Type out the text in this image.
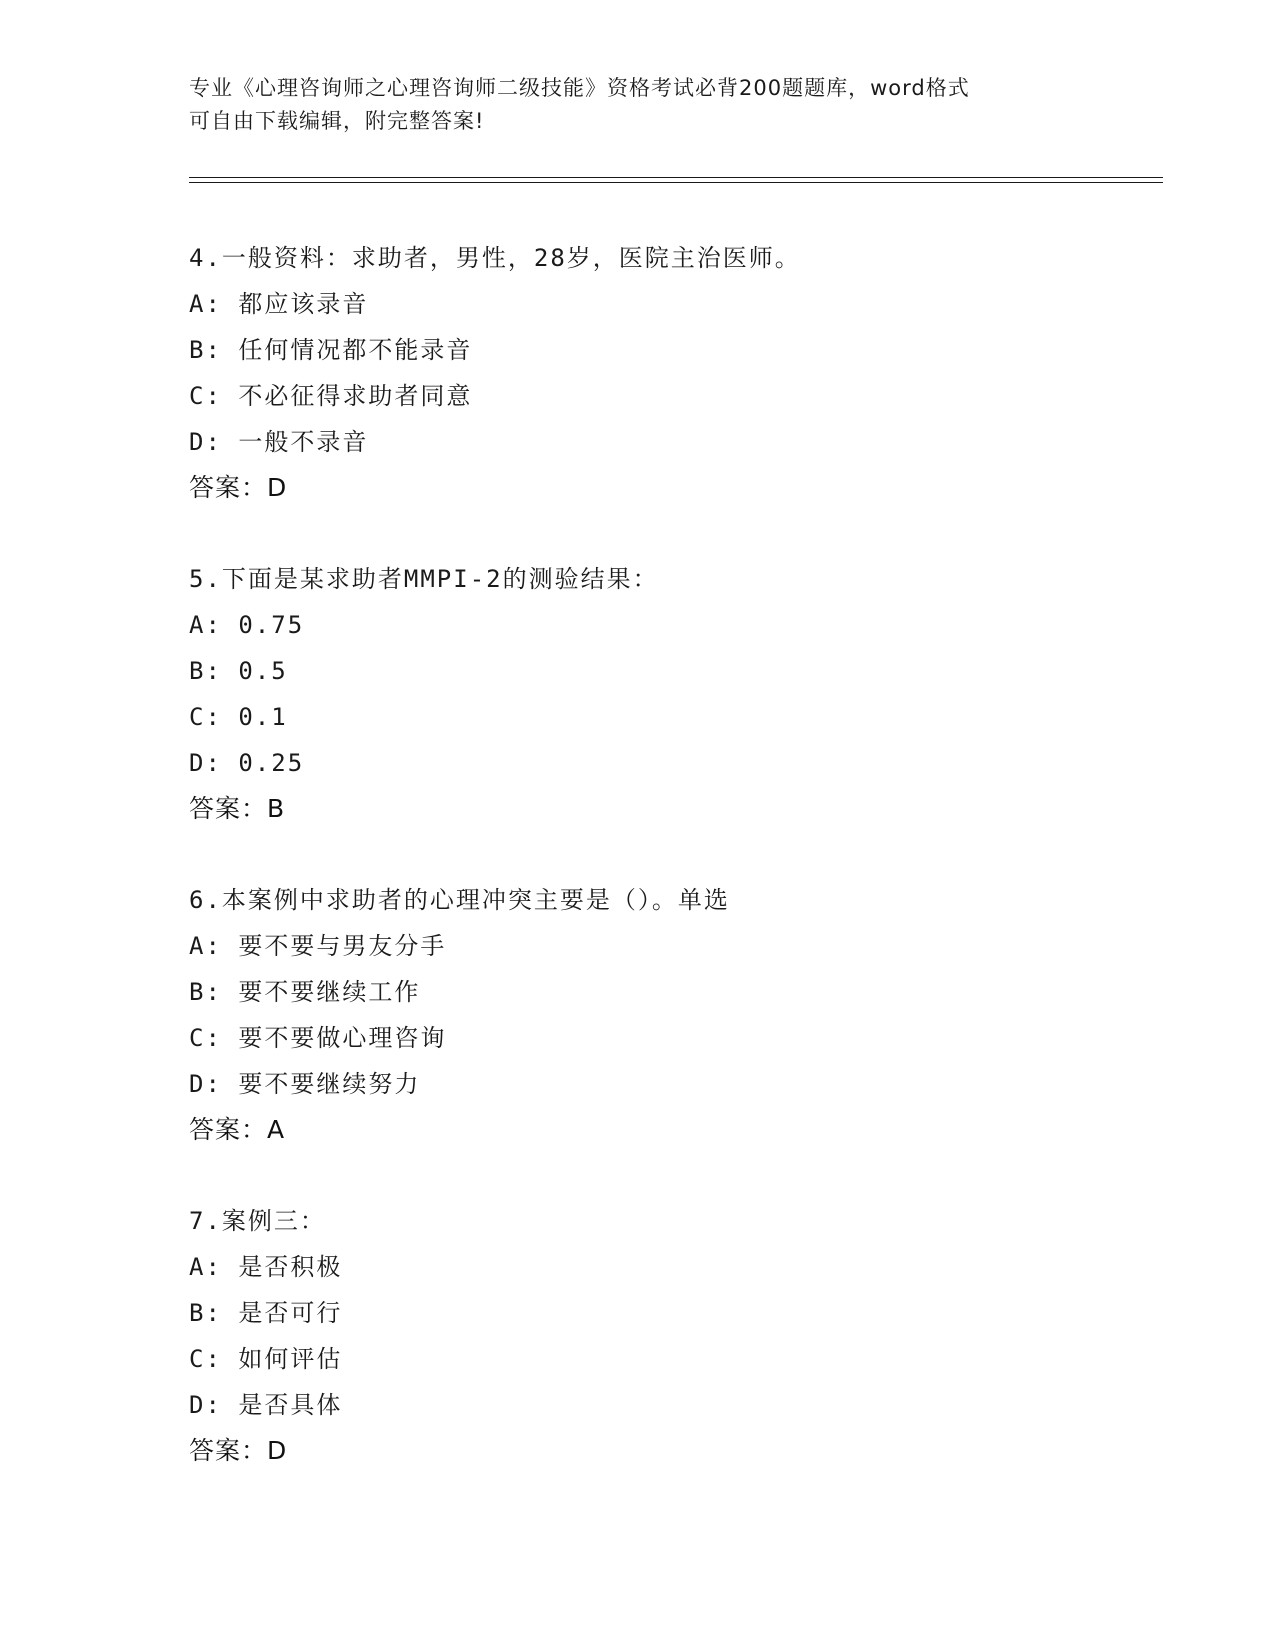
专业《心理咨询师之心理咨询师二级技能》资格考试必背200题题库，word格式
可自由下载编辑，附完整答案!
4.一般资料：求助者，男性，28岁，医院主治医师。
A: 都应该录音
B: 任何情况都不能录音
C: 不必征得求助者同意
D: 一般不录音
答案：D
5.下面是某求助者MMPI-2的测验结果：
A: 0.75
B: 0.5
C: 0.1
D: 0.25
答案：B
6.本案例中求助者的心理冲突主要是（）。单选
A: 要不要与男友分手
B: 要不要继续工作
C: 要不要做心理咨询
D: 要不要继续努力
答案：A
7.案例三：
A: 是否积极
B: 是否可行
C: 如何评估
D: 是否具体
答案：D
